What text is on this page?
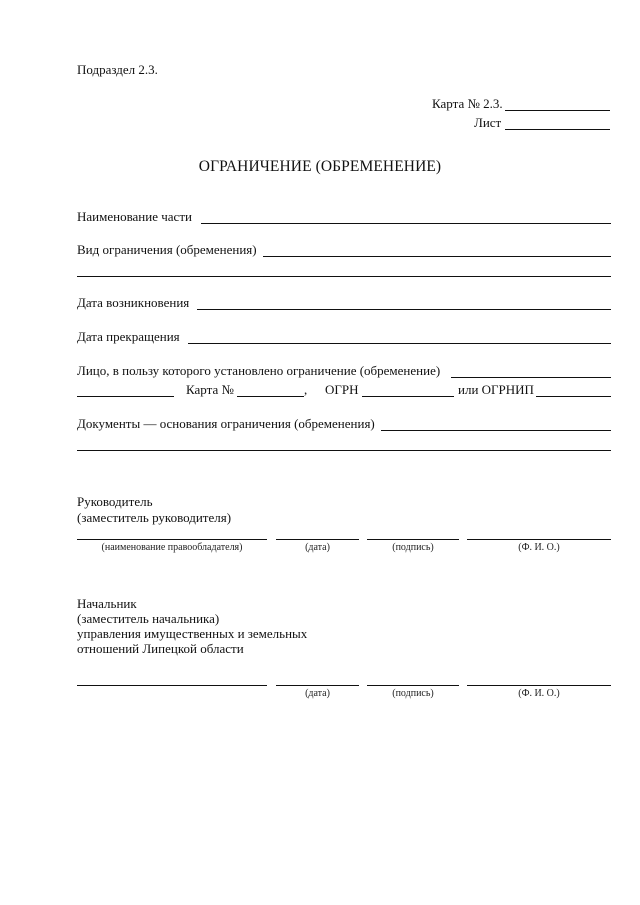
Подраздел 2.3.
Карта № 2.3.
Лист
ОГРАНИЧЕНИЕ (ОБРЕМЕНЕНИЕ)
Наименование части
Вид ограничения (обременения)
Дата возникновения
Дата прекращения
Лицо, в пользу которого установлено ограничение (обременение)
Карта №	, ОГРН	или ОГРНИП
Документы — основания ограничения (обременения)
Руководитель
(заместитель руководителя)
(наименование правообладателя)	(дата)	(подпись)	(Ф. И. О.)
Начальник
(заместитель начальника)
управления имущественных и земельных
отношений Липецкой области
(дата)	(подпись)	(Ф. И. О.)
